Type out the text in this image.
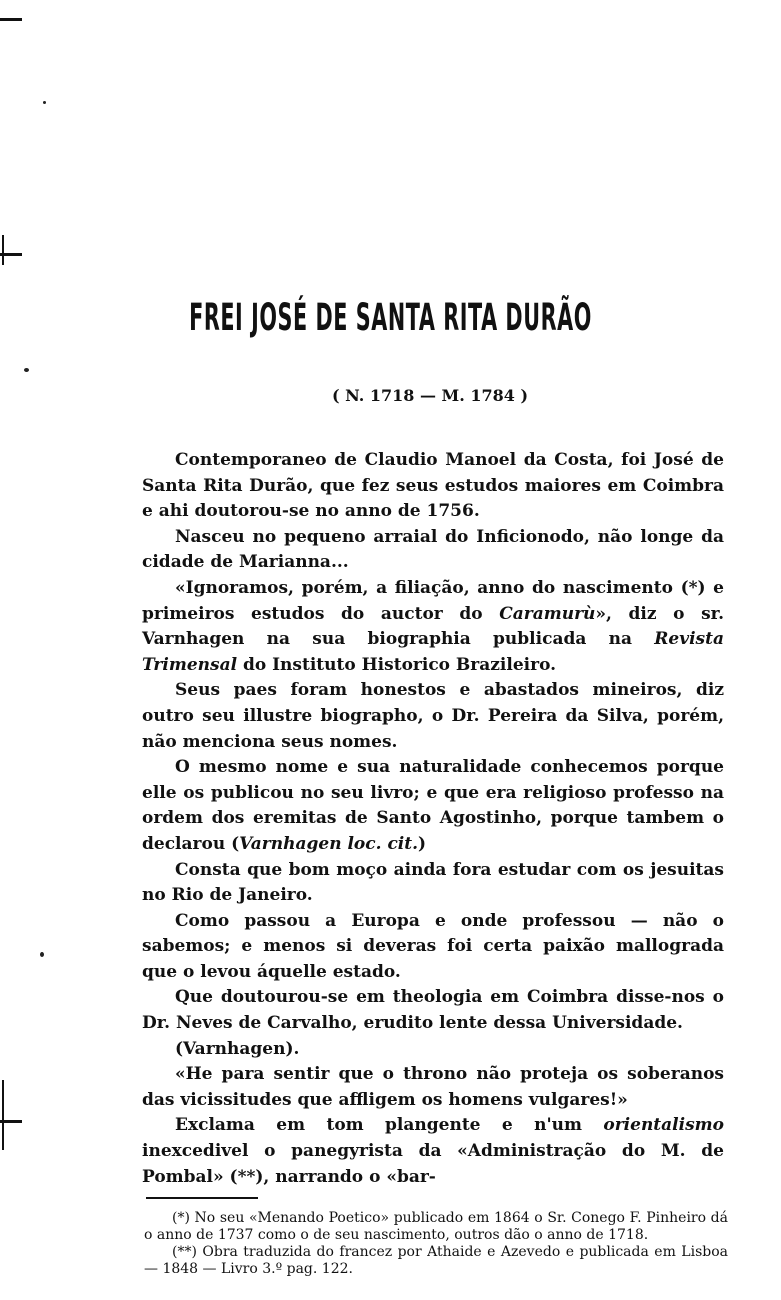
FREI JOSÉ DE SANTA RITA DURÃO
( N. 1718 — M. 1784 )

Contemporaneo de Claudio Manoel da Costa, foi José de Santa Rita Durão, que fez seus estudos maiores em Coimbra e ahi doutorou-se no anno de 1756.

Nasceu no pequeno arraial do Inficionodo, não longe da cidade de Marianna...

«Ignoramos, porém, a filiação, anno do nascimento (*) e primeiros estudos do auctor do Caramurù», diz o sr. Varnhagen na sua biographia publicada na Revista Trimensal do Instituto Historico Brazileiro.

Seus paes foram honestos e abastados mineiros, diz outro seu illustre biographo, o Dr. Pereira da Silva, porém, não menciona seus nomes.

O mesmo nome e sua naturalidade conhecemos porque elle os publicou no seu livro; e que era religioso professo na ordem dos eremitas de Santo Agostinho, porque tambem o declarou (Varnhagen loc. cit.)

Consta que bom moço ainda fora estudar com os jesuitas no Rio de Janeiro.

Como passou a Europa e onde professou — não o sabemos; e menos si deveras foi certa paixão mallograda que o levou áquelle estado.

Que doutourou-se em theologia em Coimbra disse-nos o Dr. Neves de Carvalho, erudito lente dessa Universidade.

(Varnhagen).

«He para sentir que o throno não proteja os soberanos das vicissitudes que affligem os homens vulgares!»

Exclama em tom plangente e n'um orientalismo inexcedivel o panegyrista da «Administração do M. de Pombal» (**), narrando o «bar-

(*) No seu «Menando Poetico» publicado em 1864 o Sr. Conego F. Pinheiro dá o anno de 1737 como o de seu nascimento, outros dão o anno de 1718.

(**) Obra traduzida do francez por Athaide e Azevedo e publicada em Lisboa — 1848 — Livro 3.º pag. 122.
